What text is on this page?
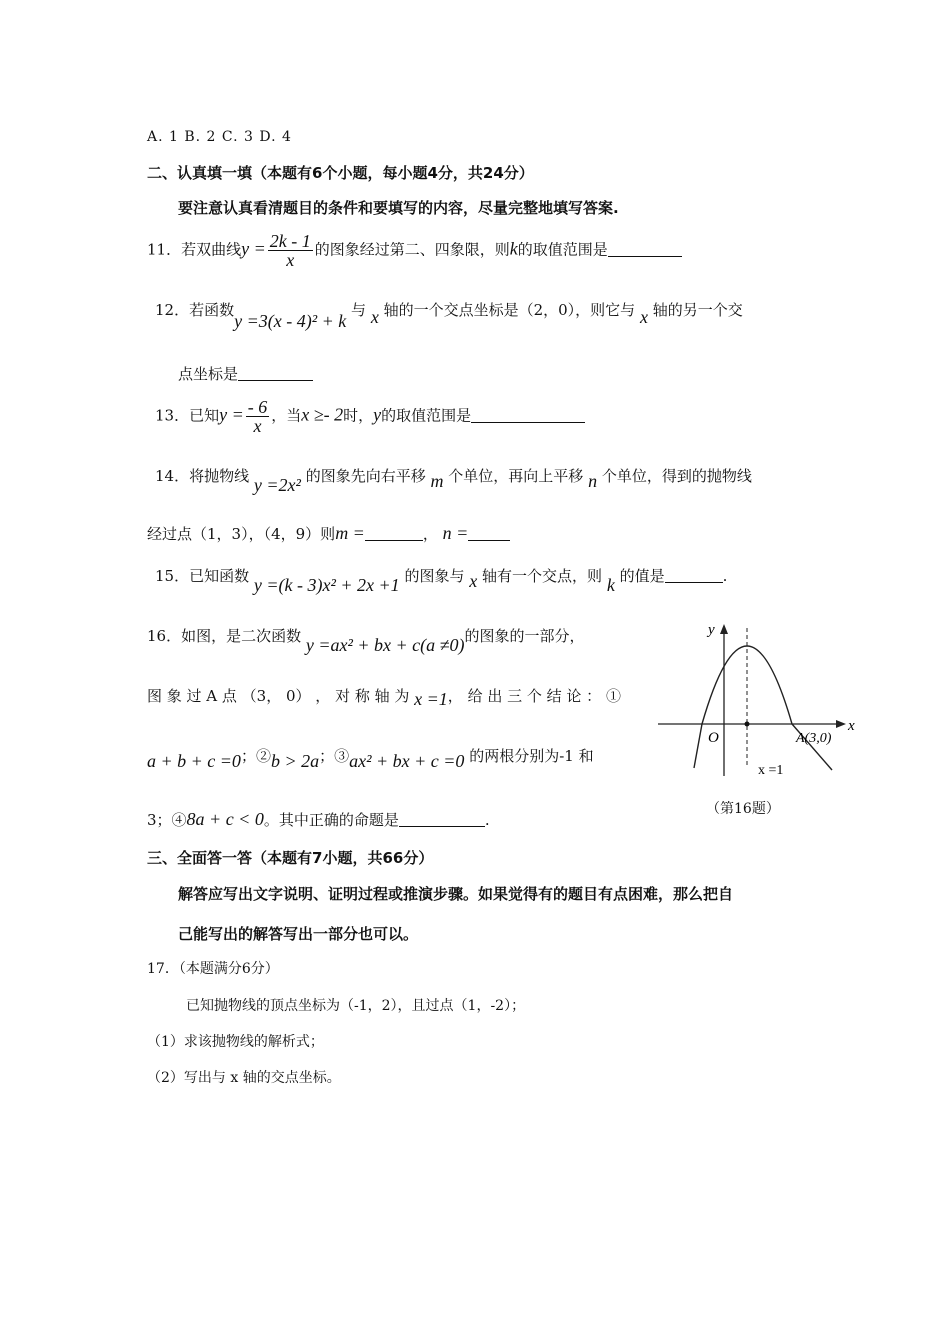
A. 1 B. 2 C. 3 D. 4
二、认真填一填（本题有6个小题，每小题4分，共24分）
要注意认真看清题目的条件和要填写的内容，尽量完整地填写答案.
11．若双曲线$y = \frac{2k - 1}{x}$ 的图象经过第二、四象限，则k的取值范围是
12．若函数y =3(x - 4)² + k 与 x 轴的一个交点坐标是（2，0），则它与 x 轴的另一个交
点坐标是
13．已知$y = \frac{- 6}{x}$ ，当x ≥- 2时，y的取值范围是
14．将抛物线 y =2x² 的图象先向右平移 m 个单位，再向上平移 n 个单位，得到的抛物线
经过点（1，3），（4，9）则m =	， n =
15．已知函数 y =(k - 3)x² + 2x +1 的图象与 x 轴有一个交点，则 k 的值是	.
16．如图，是二次函数 y =ax² + bx + c(a ≠0)的图象的一部分，
图 象 过 A 点 （3， 0） ， 对 称 轴 为 x =1， 给 出 三 个 结 论 ： ①
a + b + c =0；②b > 2a；③ax² + bx + c =0 的两根分别为-1 和
3；④8a + c < 0。其中正确的命题是	.
y
x
O	A(3,0)
x =1
（第16题）
三、全面答一答（本题有7小题，共66分）
解答应写出文字说明、证明过程或推演步骤。如果觉得有的题目有点困难，那么把自
己能写出的解答写出一部分也可以。
17．（本题满分6分）
已知抛物线的顶点坐标为（-1，2），且过点（1，-2）；
（1）求该抛物线的解析式；
（2）写出与 x 轴的交点坐标。
